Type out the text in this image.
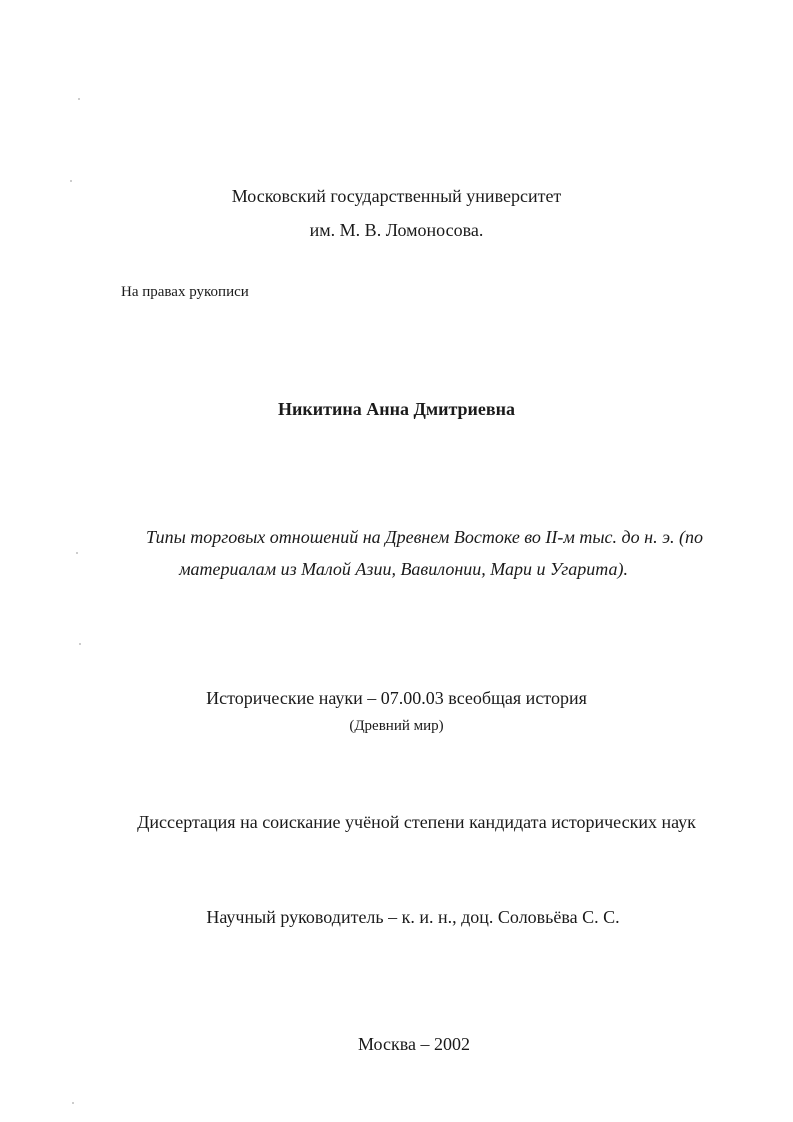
Московский государственный университет
им. М. В. Ломоносова.
На правах рукописи
Никитина Анна Дмитриевна
Типы торговых отношений на Древнем Востоке во II-м тыс. до н. э. (по
материалам из Малой Азии, Вавилонии, Мари и Угарита).
Исторические науки – 07.00.03 всеобщая история
(Древний мир)
Диссертация на соискание учёной степени кандидата исторических наук
Научный руководитель – к. и. н., доц. Соловьёва С. С.
Москва – 2002
